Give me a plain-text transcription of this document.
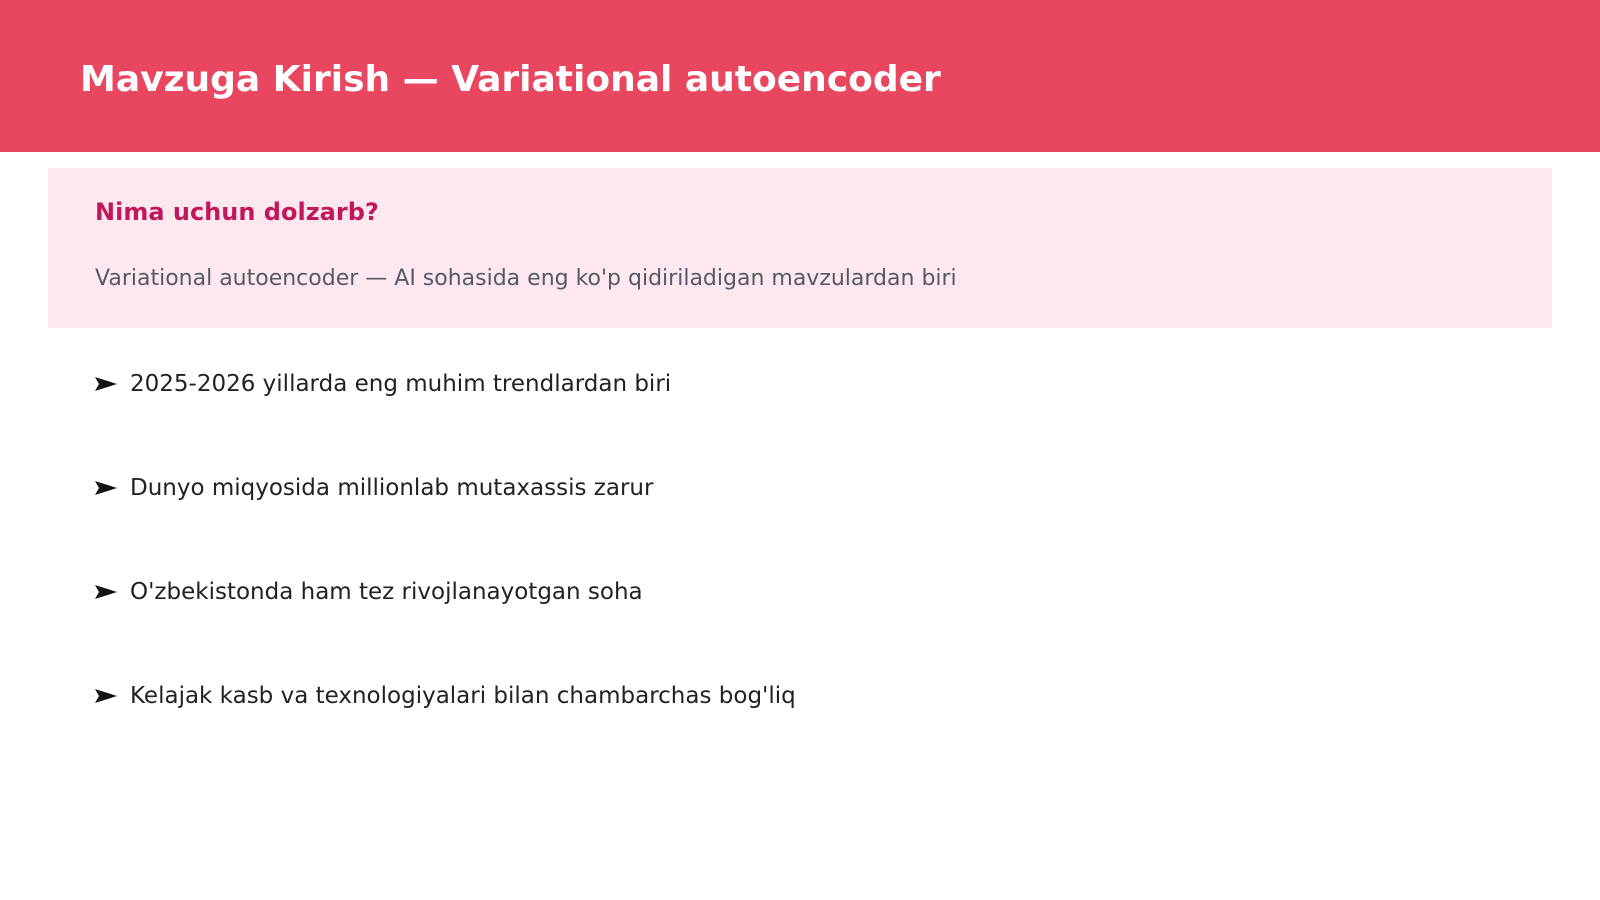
Mavzuga Kirish — Variational autoencoder
Nima uchun dolzarb?

Variational autoencoder — AI sohasida eng ko'p qidiriladigan mavzulardan biri

2025-2026 yillarda eng muhim trendlardan biri
Dunyo miqyosida millionlab mutaxassis zarur
O'zbekistonda ham tez rivojlanayotgan soha
Kelajak kasb va texnologiyalari bilan chambarchas bog'liq
